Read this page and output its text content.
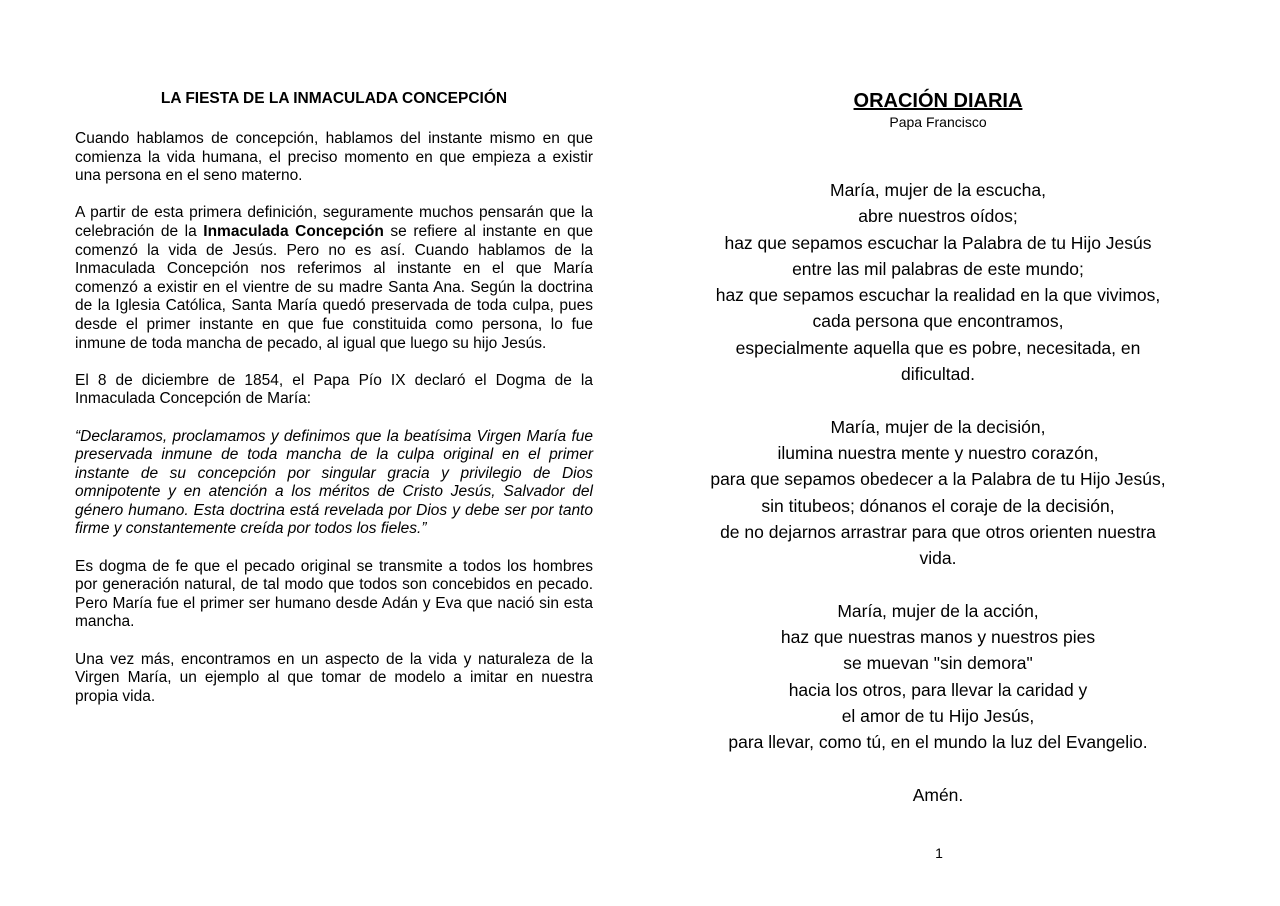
LA FIESTA DE LA INMACULADA CONCEPCIÓN

Cuando hablamos de concepción, hablamos del instante mismo en que comienza la vida humana, el preciso momento en que empieza a existir una persona en el seno materno.

A partir de esta primera definición, seguramente muchos pensarán que la celebración de la Inmaculada Concepción se refiere al instante en que comenzó la vida de Jesús. Pero no es así. Cuando hablamos de la Inmaculada Concepción nos referimos al instante en el que María comenzó a existir en el vientre de su madre Santa Ana. Según la doctrina de la Iglesia Católica, Santa María quedó preservada de toda culpa, pues desde el primer instante en que fue constituida como persona, lo fue inmune de toda mancha de pecado, al igual que luego su hijo Jesús.

El 8 de diciembre de 1854, el Papa Pío IX declaró el Dogma de la Inmaculada Concepción de María:

“Declaramos, proclamamos y definimos que la beatísima Virgen María fue preservada inmune de toda mancha de la culpa original en el primer instante de su concepción por singular gracia y privilegio de Dios omnipotente y en atención a los méritos de Cristo Jesús, Salvador del género humano. Esta doctrina está revelada por Dios y debe ser por tanto firme y constantemente creída por todos los fieles.”

Es dogma de fe que el pecado original se transmite a todos los hombres por generación natural, de tal modo que todos son concebidos en pecado. Pero María fue el primer ser humano desde Adán y Eva que nació sin esta mancha.

Una vez más, encontramos en un aspecto de la vida y naturaleza de la Virgen María, un ejemplo al que tomar de modelo a imitar en nuestra propia vida.

ORACIÓN DIARIA
Papa Francisco
María, mujer de la escucha,
abre nuestros oídos;
haz que sepamos escuchar la Palabra de tu Hijo Jesús
entre las mil palabras de este mundo;
haz que sepamos escuchar la realidad en la que vivimos,
cada persona que encontramos,
especialmente aquella que es pobre, necesitada, en
dificultad.
María, mujer de la decisión,
ilumina nuestra mente y nuestro corazón,
para que sepamos obedecer a la Palabra de tu Hijo Jesús,
sin titubeos; dónanos el coraje de la decisión,
de no dejarnos arrastrar para que otros orienten nuestra
vida.
María, mujer de la acción,
haz que nuestras manos y nuestros pies
se muevan "sin demora"
hacia los otros, para llevar la caridad y
el amor de tu Hijo Jesús,
para llevar, como tú, en el mundo la luz del Evangelio.
Amén.
1
